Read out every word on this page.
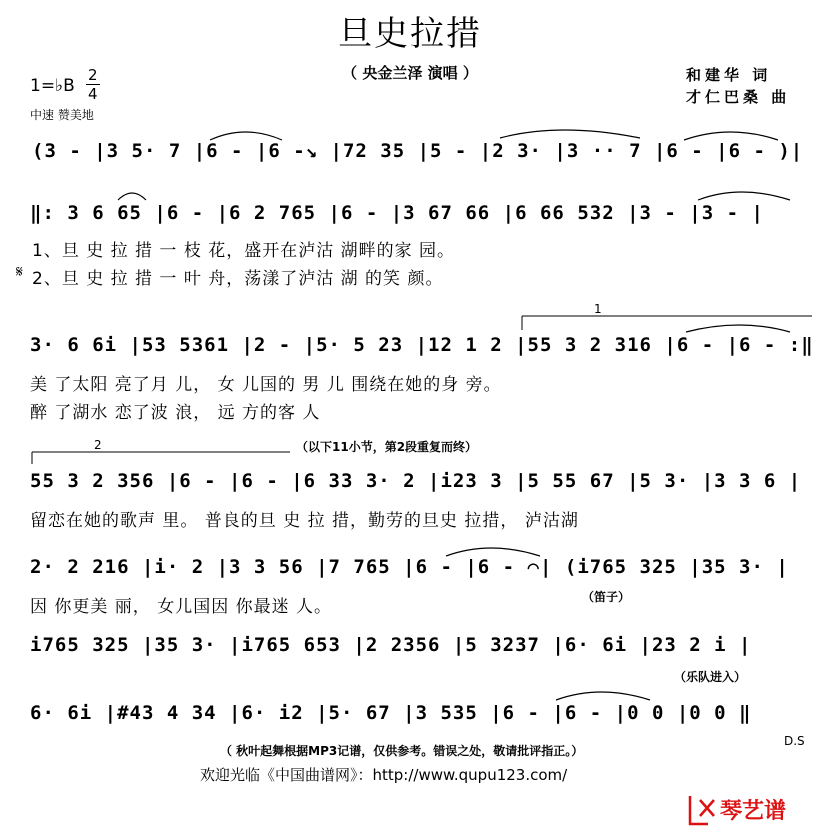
旦史拉措
（ 央金兰泽 演唱 ）	和建华 词
才仁巴桑 曲
1=♭B
2
4
中速 赞美地
(3 - |3 5· 7 |6 - |6 -↘ |72 35 |5 - |2 3· |3 ·· 7 |6 - |6 - )|
‖: 3 6 65 |6 - |6 2 765 |6 - |3 67 66 |6 66 532 |3 - |3 - |
1、旦 史 拉 措 一 枝 花，盛开在泸沽 湖畔的家 园。
𝄋 2、旦 史 拉 措 一 叶 舟，荡漾了泸沽 湖 的笑 颜。
1
3· 6 6i |53 5361 |2 - |5· 5 23 |12 1 2 |55 3 2 316 |6 - |6 - :‖
美 了太阳 亮了月 儿， 女 儿国的 男 儿 围绕在她的身 旁。
醉 了湖水 恋了波 浪， 远 方的客 人
2	（以下11小节，第2段重复而终）
55 3 2 356 |6 - |6 - |6 33 3· 2 |i23 3 |5 55 67 |5 3· |3 3 6 |
留恋在她的歌声 里。 普良的旦 史 拉 措，勤劳的旦史 拉措， 泸沽湖
2· 2 216 |i· 2 |3 3 56 |7 765 |6 - |6 - ⌒| (i765 325 |35 3· |
因 你更美 丽， 女儿国因 你最迷 人。	（笛子）
i765 325 |35 3· |i765 653 |2 2356 |5 3237 |6· 6i |23 2 i |
（乐队进入）
6· 6i |#43 4 34 |6· i2 |5· 67 |3 535 |6 - |6 - |0 0 |0 0 ‖
D.S
（ 秋叶起舞根据MP3记谱，仅供参考。错误之处，敬请批评指正。）
欢迎光临《中国曲谱网》：http://www.qupu123.com/
琴艺谱
